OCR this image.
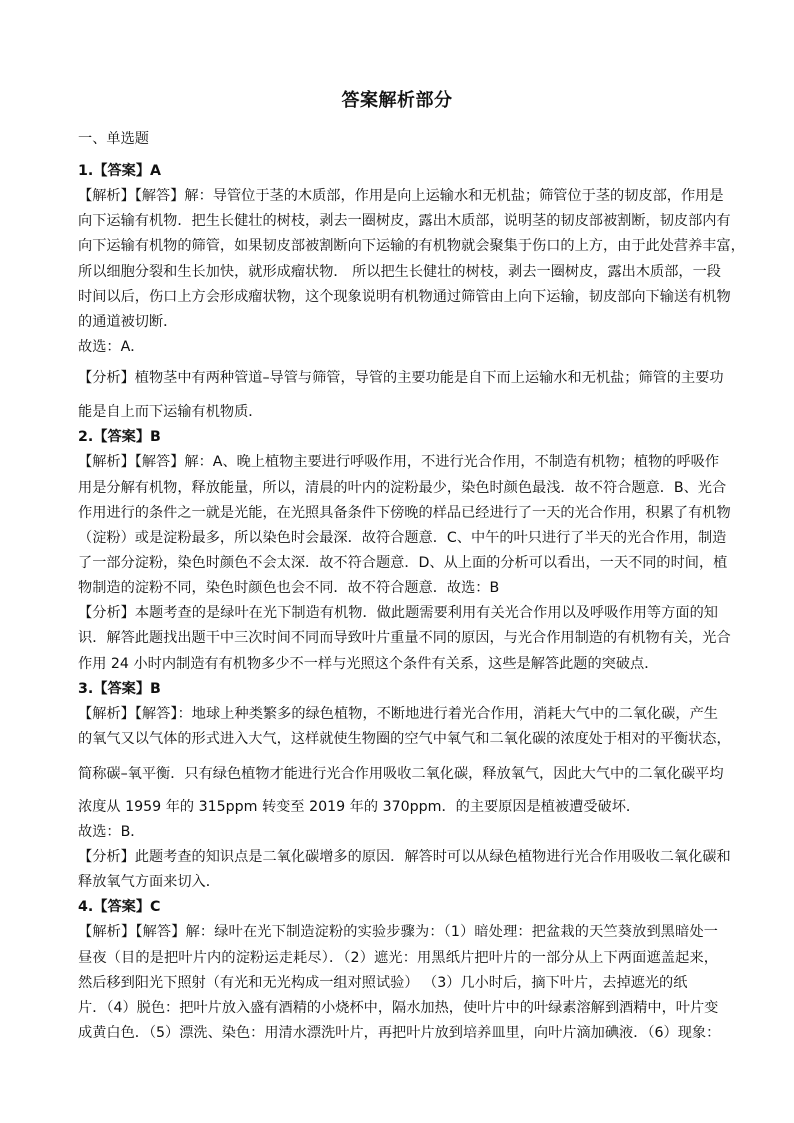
答案解析部分
一、单选题
1.【答案】A
【解析】【解答】解：导管位于茎的木质部，作用是向上运输水和无机盐；筛管位于茎的韧皮部，作用是
向下运输有机物．把生长健壮的树枝，剥去一圈树皮，露出木质部，说明茎的韧皮部被割断，韧皮部内有
向下运输有机物的筛管，如果韧皮部被割断向下运输的有机物就会聚集于伤口的上方，由于此处营养丰富，
所以细胞分裂和生长加快，就形成瘤状物． 所以把生长健壮的树枝，剥去一圈树皮，露出木质部，一段
时间以后，伤口上方会形成瘤状物，这个现象说明有机物通过筛管由上向下运输，韧皮部向下输送有机物
的通道被切断．
故选：A．
【分析】植物茎中有两种管道–导管与筛管，导管的主要功能是自下而上运输水和无机盐；筛管的主要功
能是自上而下运输有机物质．
2.【答案】B
【解析】【解答】解：A、晚上植物主要进行呼吸作用，不进行光合作用，不制造有机物；植物的呼吸作
用是分解有机物，释放能量，所以，清晨的叶内的淀粉最少，染色时颜色最浅．故不符合题意．B、光合
作用进行的条件之一就是光能，在光照具备条件下傍晚的样品已经进行了一天的光合作用，积累了有机物
（淀粉）或是淀粉最多，所以染色时会最深．故符合题意．C、中午的叶只进行了半天的光合作用，制造
了一部分淀粉，染色时颜色不会太深．故不符合题意．D、从上面的分析可以看出，一天不同的时间，植
物制造的淀粉不同，染色时颜色也会不同．故不符合题意．故选：B
【分析】本题考查的是绿叶在光下制造有机物．做此题需要利用有关光合作用以及呼吸作用等方面的知
识．解答此题找出题干中三次时间不同而导致叶片重量不同的原因，与光合作用制造的有机物有关，光合
作用 24 小时内制造有有机物多少不一样与光照这个条件有关系，这些是解答此题的突破点．
3.【答案】B
【解析】【解答】：地球上种类繁多的绿色植物，不断地进行着光合作用，消耗大气中的二氧化碳，产生
的氧气又以气体的形式进入大气，这样就使生物圈的空气中氧气和二氧化碳的浓度处于相对的平衡状态，
简称碳–氧平衡．只有绿色植物才能进行光合作用吸收二氧化碳，释放氧气，因此大气中的二氧化碳平均
浓度从 1959 年的 315ppm 转变至 2019 年的 370ppm．的主要原因是植被遭受破坏．
故选：B．
【分析】此题考查的知识点是二氧化碳增多的原因．解答时可以从绿色植物进行光合作用吸收二氧化碳和
释放氧气方面来切入．
4.【答案】C
【解析】【解答】解：绿叶在光下制造淀粉的实验步骤为：（1）暗处理：把盆栽的天竺葵放到黑暗处一
昼夜（目的是把叶片内的淀粉运走耗尽）．（2）遮光：用黑纸片把叶片的一部分从上下两面遮盖起来，
然后移到阳光下照射（有光和无光构成一组对照试验） （3）几小时后，摘下叶片，去掉遮光的纸
片．（4）脱色：把叶片放入盛有酒精的小烧杯中，隔水加热，使叶片中的叶绿素溶解到酒精中，叶片变
成黄白色．（5）漂洗、染色：用清水漂洗叶片，再把叶片放到培养皿里，向叶片滴加碘液．（6）现象：
